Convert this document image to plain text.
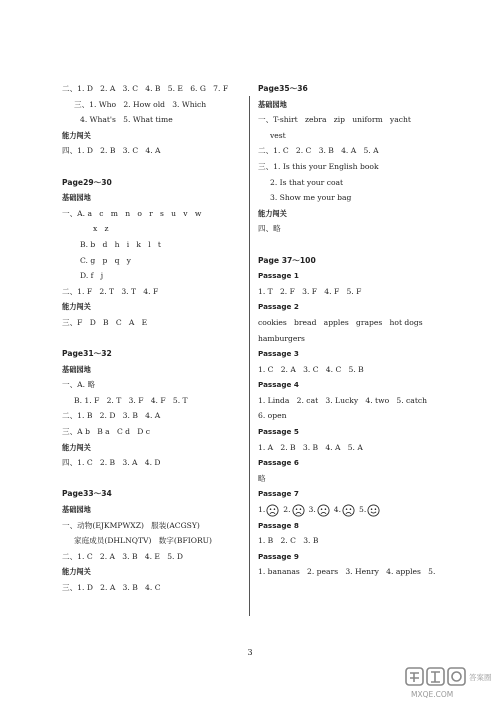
二、1. D   2. A   3. C   4. B   5. E   6. G   7. F
三、1. Who   2. How old   3. Which
4. What's   5. What time
能力闯关
四、1. D   2. B   3. C   4. A
Page29～30
基础园地
一、A. a   c   m   n   o   r   s   u   v   w
x   z
B. b   d   h   i   k   l   t
C. g   p   q   y
D. f   j
二、1. F   2. T   3. T   4. F
能力闯关
三、F   D   B   C   A   E
Page31～32
基础园地
一、A. 略
B. 1. F   2. T   3. F   4. F   5. T
二、1. B   2. D   3. B   4. A
三、A b   B a   C d   D c
能力闯关
四、1. C   2. B   3. A   4. D
Page33～34
基础园地
一、动物(EJKMPWXZ)   服装(ACGSY)
家庭成员(DHLNQTV)   数字(BFIORU)
二、1. C   2. A   3. B   4. E   5. D
能力闯关
三、1. D   2. A   3. B   4. C
Page35～36
基础园地
一、T-shirt   zebra   zip   uniform   yacht
vest
二、1. C   2. C   3. B   4. A   5. A
三、1. Is this your English book
2. Is that your coat
3. Show me your bag
能力闯关
四、略
Page 37～100
Passage 1
1. T   2. F   3. F   4. F   5. F
Passage 2
cookies   bread   apples   grapes   hot dogs
hamburgers
Passage 3
1. C   2. A   3. C   4. C   5. B
Passage 4
1. Linda   2. cat   3. Lucky   4. two   5. catch
6. open
Passage 5
1. A   2. B   3. B   4. A   5. A
Passage 6
略
Passage 7
1. 2. 3. 4. 5.
Passage 8
1. B   2. C   3. B
Passage 9
1. bananas   2. pears   3. Henry   4. apples   5.
3
答案圈
MXQE.COM
